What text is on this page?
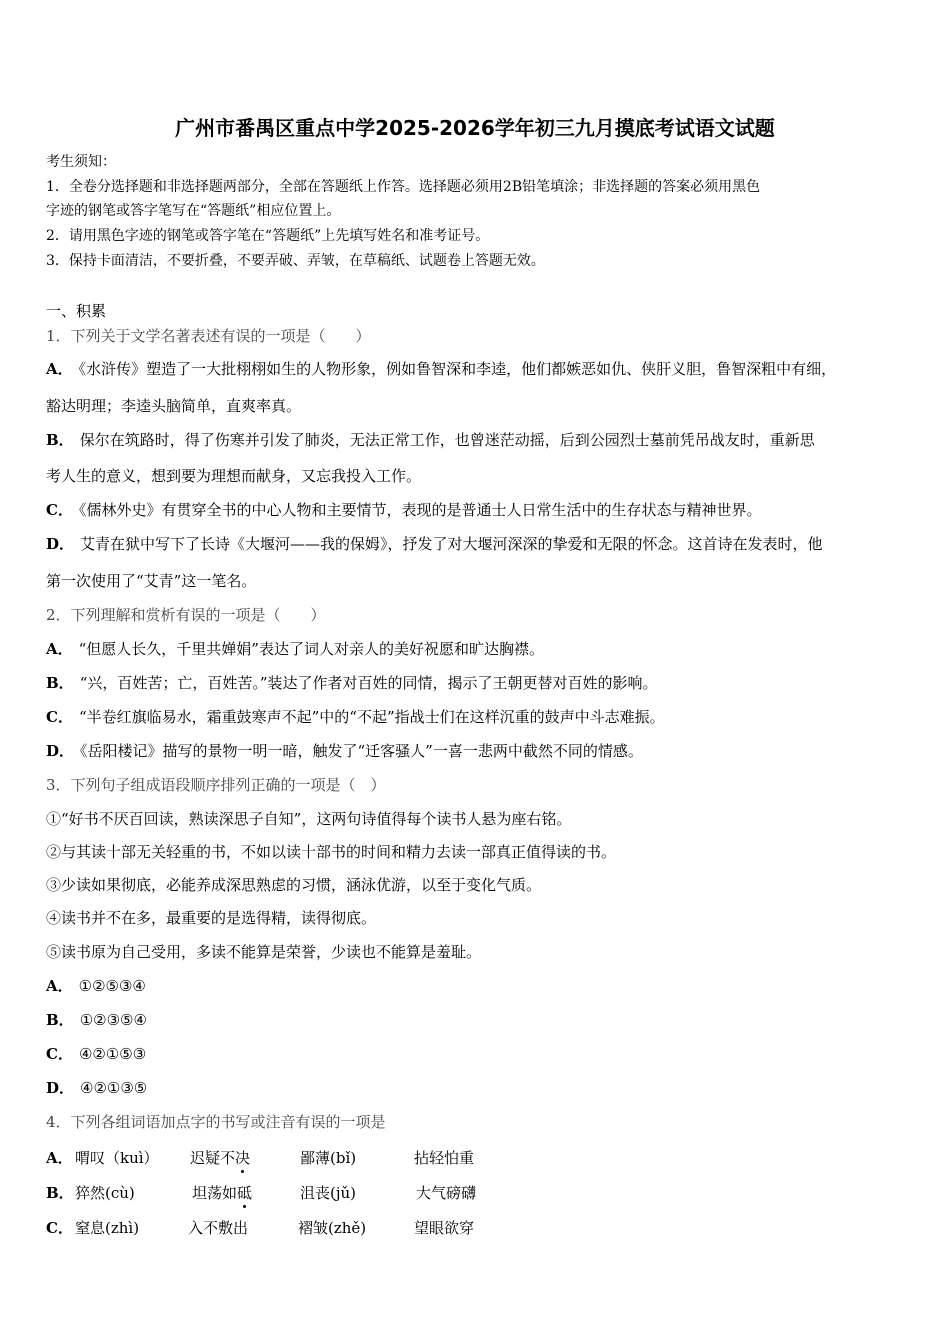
广州市番禺区重点中学2025-2026学年初三九月摸底考试语文试题
考生须知：
1．全卷分选择题和非选择题两部分，全部在答题纸上作答。选择题必须用2B铅笔填涂；非选择题的答案必须用黑色
字迹的钢笔或答字笔写在“答题纸”相应位置上。
2．请用黑色字迹的钢笔或答字笔在“答题纸”上先填写姓名和准考证号。
3．保持卡面清洁，不要折叠，不要弄破、弄皱，在草稿纸、试题卷上答题无效。
一、积累
1．下列关于文学名著表述有误的一项是（　　）
A． 《水浒传》塑造了一大批栩栩如生的人物形象，例如鲁智深和李逵，他们都嫉恶如仇、侠肝义胆，鲁智深粗中有细，
豁达明理；李逵头脑简单，直爽率真。
B． 保尔在筑路时，得了伤寒并引发了肺炎，无法正常工作，也曾迷茫动摇，后到公园烈士墓前凭吊战友时，重新思
考人生的意义，想到要为理想而献身，又忘我投入工作。
C． 《儒林外史》有贯穿全书的中心人物和主要情节，表现的是普通士人日常生活中的生存状态与精神世界。
D． 艾青在狱中写下了长诗《大堰河——我的保姆》，抒发了对大堰河深深的挚爱和无限的怀念。这首诗在发表时，他
第一次使用了“艾青”这一笔名。
2．下列理解和赏析有误的一项是（　　）
A． “但愿人长久，千里共婵娟”表达了词人对亲人的美好祝愿和旷达胸襟。
B． “兴，百姓苦；亡，百姓苦。”装达了作者对百姓的同情，揭示了王朝更替对百姓的影响。
C． “半卷红旗临易水，霜重鼓寒声不起”中的“不起”指战士们在这样沉重的鼓声中斗志难振。
D． 《岳阳楼记》描写的景物一明一暗，触发了“迁客骚人”一喜一悲两中截然不同的情感。
3．下列句子组成语段顺序排列正确的一项是（　）
①“好书不厌百回读，熟读深思子自知”，这两句诗值得每个读书人悬为座右铭。
②与其读十部无关轻重的书，不如以读十部书的时间和精力去读一部真正值得读的书。
③少读如果彻底，必能养成深思熟虑的习惯，涵泳优游，以至于变化气质。
④读书并不在多，最重要的是选得精，读得彻底。
⑤读书原为自己受用，多读不能算是荣誉，少读也不能算是羞耻。
A． ①②⑤③④
B． ①②③⑤④
C． ④②①⑤③
D． ④②①③⑤
4．下列各组词语加点字的书写或注音有误的一项是
A． 喟叹（kuì） 迟疑不决	鄙薄(bǐ)	拈轻怕重
B． 猝然(cù)	坦荡如砥	沮丧(jǔ)	大气磅礴
C． 窒息(zhì)	入不敷出	褶皱(zhě)	望眼欲穿
